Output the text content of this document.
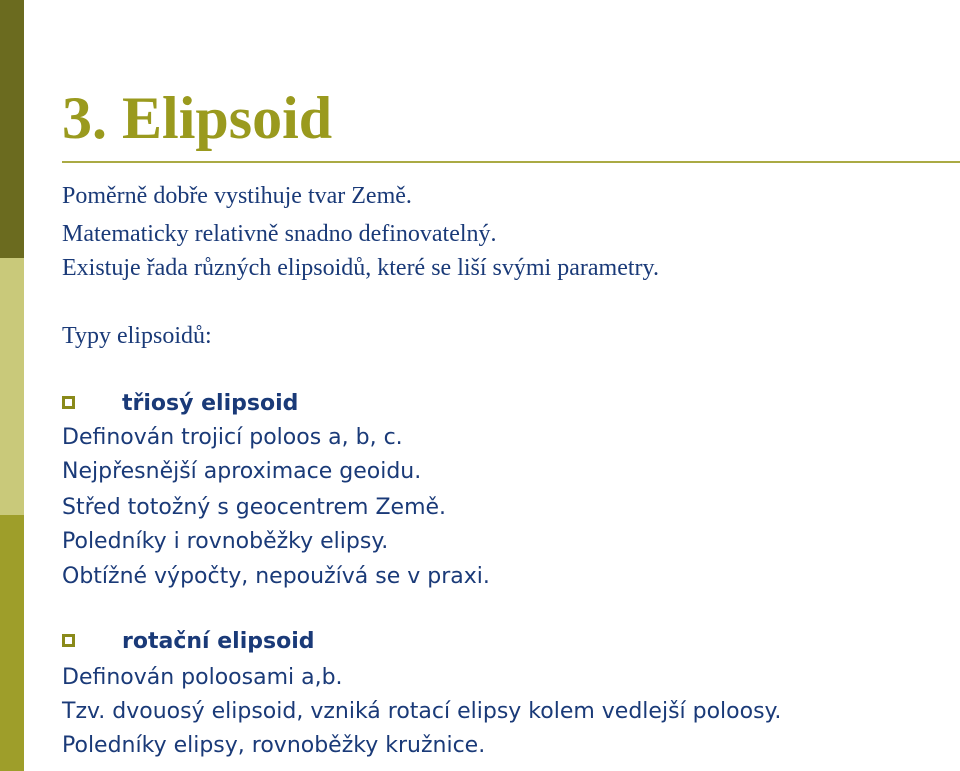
3. Elipsoid
Poměrně dobře vystihuje tvar Země.
Matematicky relativně snadno definovatelný.
Existuje řada různých elipsoidů, které se liší svými parametry.
Typy elipsoidů:
třiosý elipsoid
Definován trojicí poloos a, b, c.
Nejpřesnější aproximace geoidu.
Střed totožný s geocentrem Země.
Poledníky i rovnoběžky elipsy.
Obtížné výpočty, nepoužívá se v praxi.
rotační elipsoid
Definován poloosami a,b.
Tzv. dvouosý elipsoid, vzniká rotací elipsy kolem vedlejší poloosy.
Poledníky elipsy, rovnoběžky kružnice.
